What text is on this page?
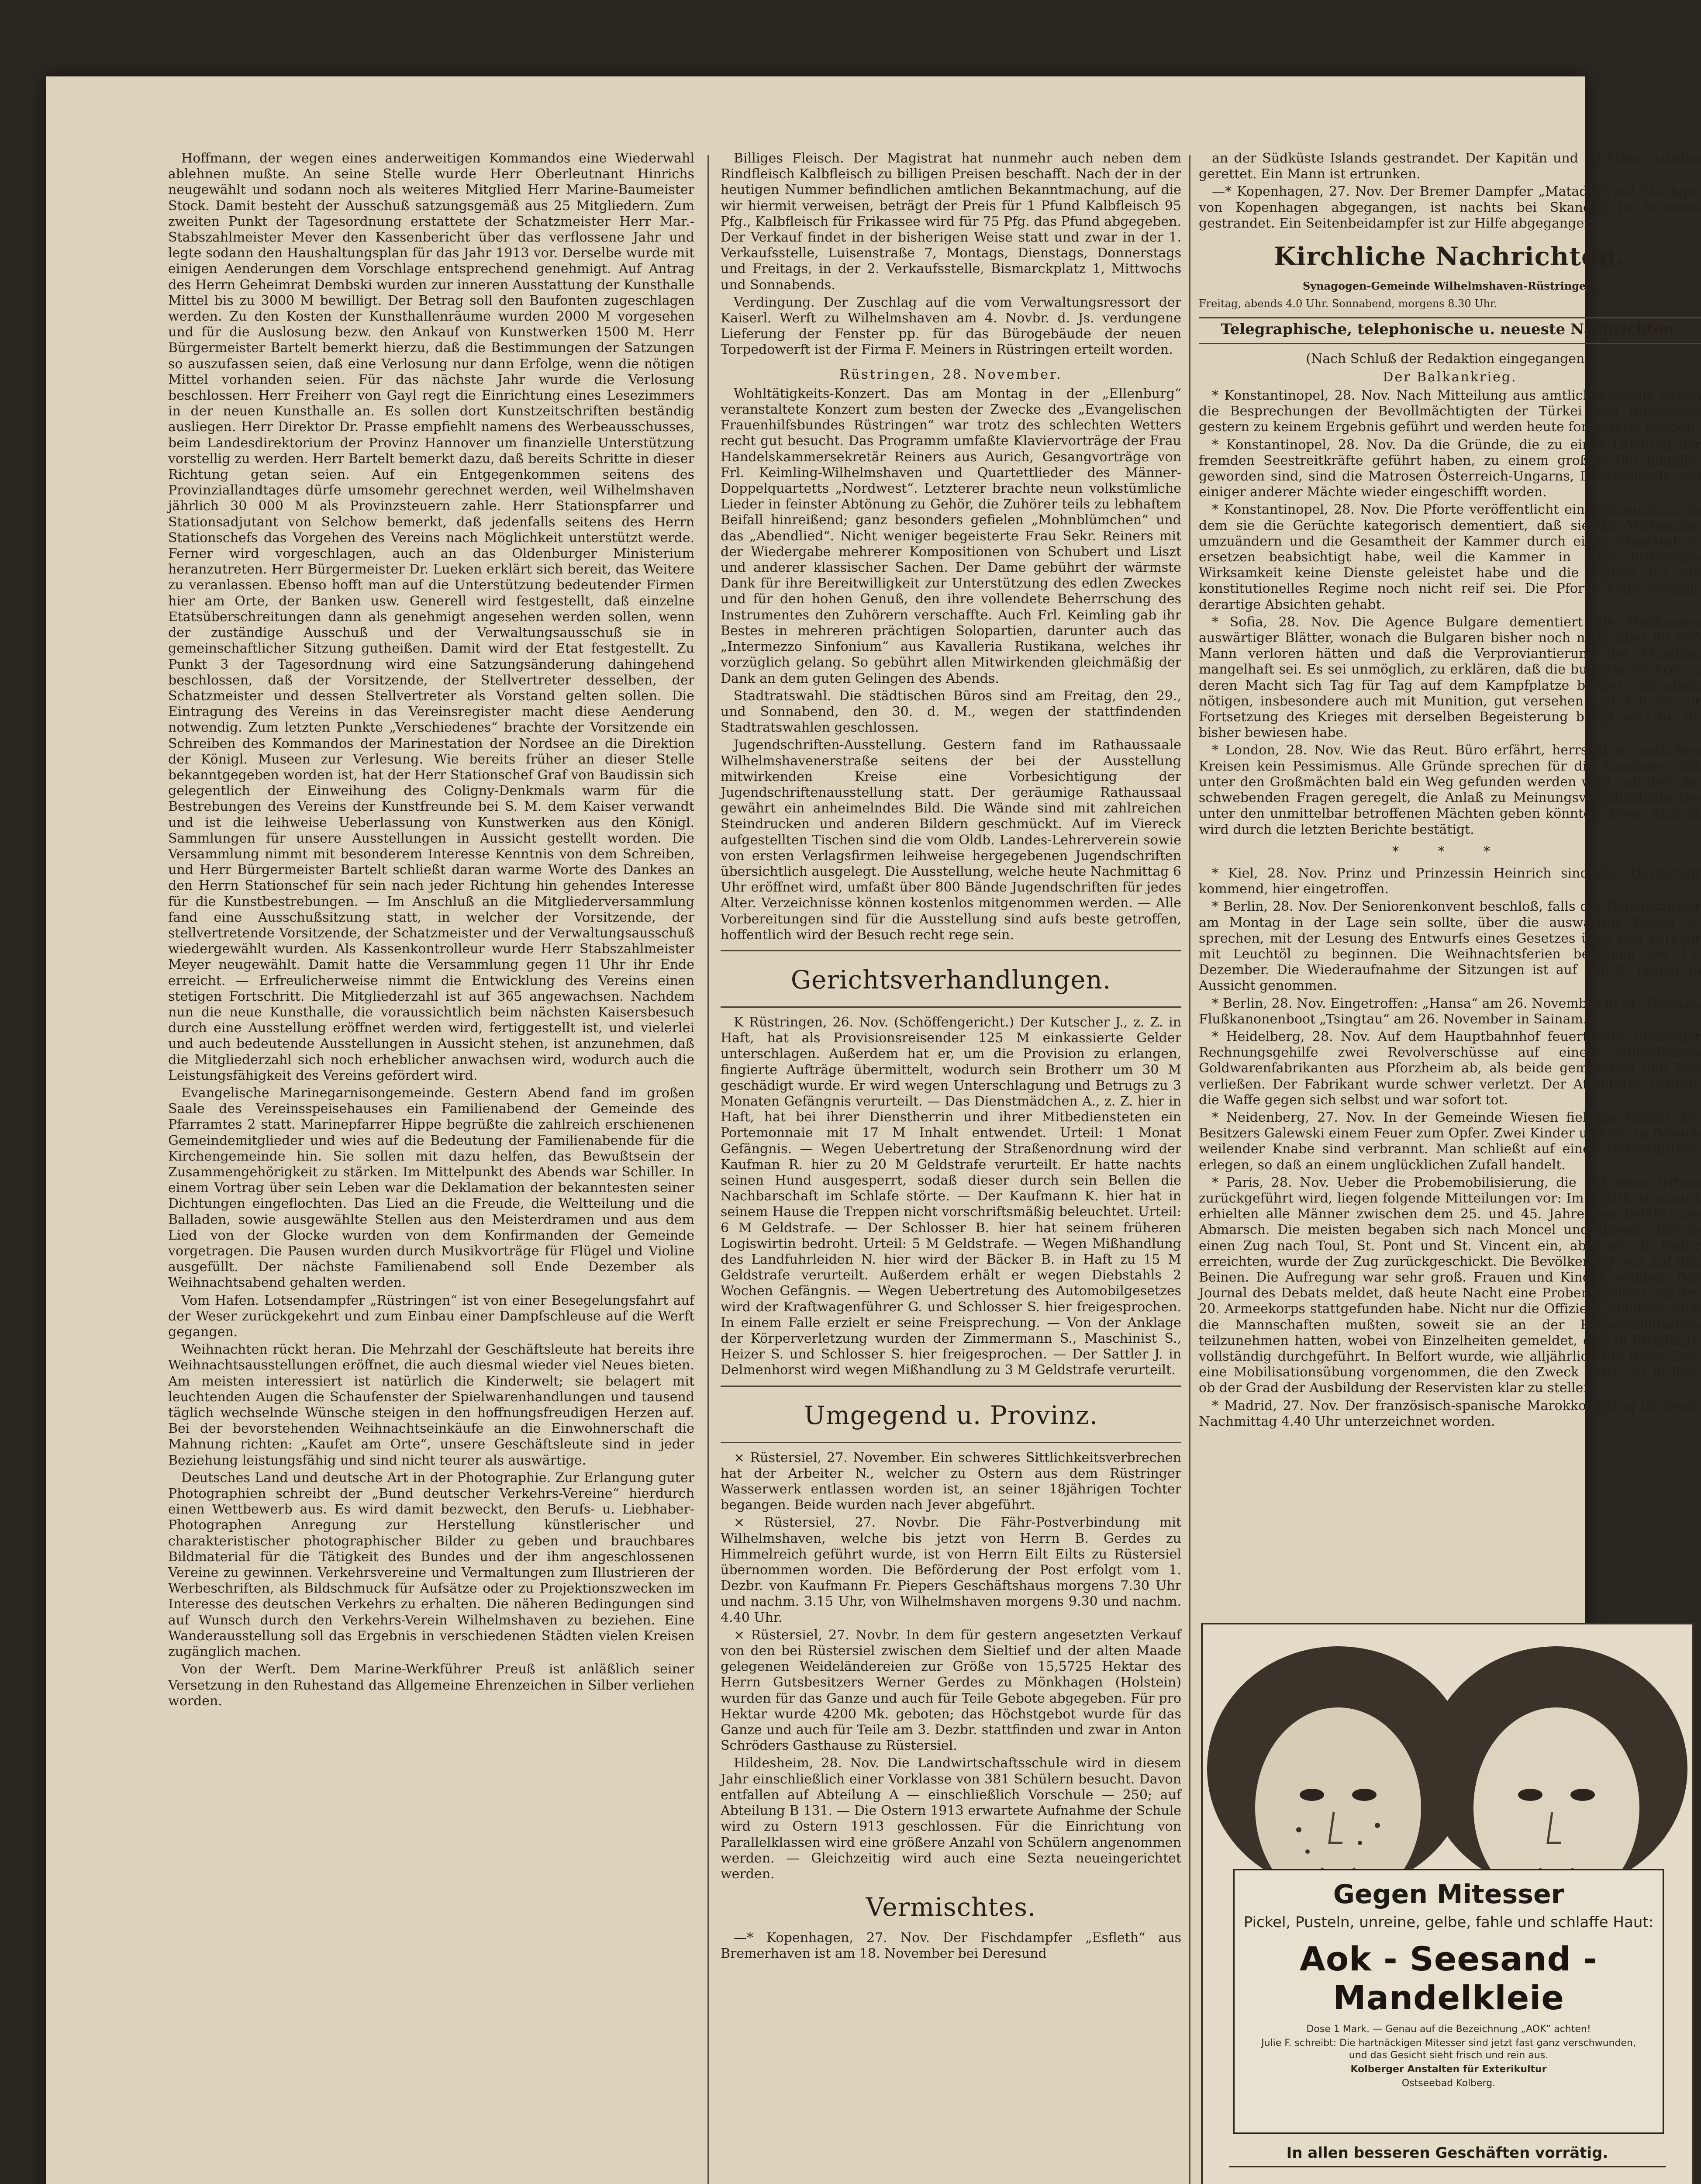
Hoffmann, der wegen eines anderweitigen Kommandos eine Wiederwahl ablehnen mußte. An seine Stelle wurde Herr Oberleutnant Hinrichs neugewählt und sodann noch als weiteres Mitglied Herr Marine-Baumeister Stock. Damit besteht der Ausschuß satzungsgemäß aus 25 Mitgliedern. Zum zweiten Punkt der Tagesordnung erstattete der Schatzmeister Herr Mar.-Stabszahlmeister Mever den Kassenbericht über das verflossene Jahr und legte sodann den Haushaltungsplan für das Jahr 1913 vor. Derselbe wurde mit einigen Aenderungen dem Vorschlage entsprechend genehmigt. Auf Antrag des Herrn Geheimrat Dembski wurden zur inneren Ausstattung der Kunsthalle Mittel bis zu 3000 M bewilligt. Der Betrag soll den Baufonten zugeschlagen werden. Zu den Kosten der Kunsthallenräume wurden 2000 M vorgesehen und für die Auslosung bezw. den Ankauf von Kunstwerken 1500 M. Herr Bürgermeister Bartelt bemerkt hierzu, daß die Bestimmungen der Satzungen so auszufassen seien, daß eine Verlosung nur dann Erfolge, wenn die nötigen Mittel vorhanden seien. Für das nächste Jahr wurde die Verlosung beschlossen. Herr Freiherr von Gayl regt die Einrichtung eines Lesezimmers in der neuen Kunsthalle an. Es sollen dort Kunstzeitschriften beständig ausliegen. Herr Direktor Dr. Prasse empfiehlt namens des Werbeausschusses, beim Landesdirektorium der Provinz Hannover um finanzielle Unterstützung vorstellig zu werden. Herr Bartelt bemerkt dazu, daß bereits Schritte in dieser Richtung getan seien. Auf ein Entgegenkommen seitens des Provinziallandtages dürfe umsomehr gerechnet werden, weil Wilhelmshaven jährlich 30 000 M als Provinzsteuern zahle. Herr Stationspfarrer und Stationsadjutant von Selchow bemerkt, daß jedenfalls seitens des Herrn Stationschefs das Vorgehen des Vereins nach Möglichkeit unterstützt werde. Ferner wird vorgeschlagen, auch an das Oldenburger Ministerium heranzutreten. Herr Bürgermeister Dr. Lueken erklärt sich bereit, das Weitere zu veranlassen. Ebenso hofft man auf die Unterstützung bedeutender Firmen hier am Orte, der Banken usw. Generell wird festgestellt, daß einzelne Etatsüberschreitungen dann als genehmigt angesehen werden sollen, wenn der zuständige Ausschuß und der Verwaltungsausschuß sie in gemeinschaftlicher Sitzung gutheißen. Damit wird der Etat festgestellt. Zu Punkt 3 der Tagesordnung wird eine Satzungsänderung dahingehend beschlossen, daß der Vorsitzende, der Stellvertreter desselben, der Schatzmeister und dessen Stellvertreter als Vorstand gelten sollen. Die Eintragung des Vereins in das Vereinsregister macht diese Aenderung notwendig. Zum letzten Punkte „Verschiedenes“ brachte der Vorsitzende ein Schreiben des Kommandos der Marinestation der Nordsee an die Direktion der Königl. Museen zur Verlesung. Wie bereits früher an dieser Stelle bekanntgegeben worden ist, hat der Herr Stationschef Graf von Baudissin sich gelegentlich der Einweihung des Coligny-Denkmals warm für die Bestrebungen des Vereins der Kunstfreunde bei S. M. dem Kaiser verwandt und ist die leihweise Ueberlassung von Kunstwerken aus den Königl. Sammlungen für unsere Ausstellungen in Aussicht gestellt worden. Die Versammlung nimmt mit besonderem Interesse Kenntnis von dem Schreiben, und Herr Bürgermeister Bartelt schließt daran warme Worte des Dankes an den Herrn Stationschef für sein nach jeder Richtung hin gehendes Interesse für die Kunstbestrebungen. — Im Anschluß an die Mitgliederversammlung fand eine Ausschußsitzung statt, in welcher der Vorsitzende, der stellvertretende Vorsitzende, der Schatzmeister und der Verwaltungsausschuß wiedergewählt wurden. Als Kassenkontrolleur wurde Herr Stabszahlmeister Meyer neugewählt. Damit hatte die Versammlung gegen 11 Uhr ihr Ende erreicht. — Erfreulicherweise nimmt die Entwicklung des Vereins einen stetigen Fortschritt. Die Mitgliederzahl ist auf 365 angewachsen. Nachdem nun die neue Kunsthalle, die voraussichtlich beim nächsten Kaisersbesuch durch eine Ausstellung eröffnet werden wird, fertiggestellt ist, und vielerlei und auch bedeutende Ausstellungen in Aussicht stehen, ist anzunehmen, daß die Mitgliederzahl sich noch erheblicher anwachsen wird, wodurch auch die Leistungsfähigkeit des Vereins gefördert wird.

Evangelische Marinegarnisongemeinde. Gestern Abend fand im großen Saale des Vereinsspeisehauses ein Familienabend der Gemeinde des Pfarramtes 2 statt. Marinepfarrer Hippe begrüßte die zahlreich erschienenen Gemeindemitglieder und wies auf die Bedeutung der Familienabende für die Kirchengemeinde hin. Sie sollen mit dazu helfen, das Bewußtsein der Zusammengehörigkeit zu stärken. Im Mittelpunkt des Abends war Schiller. In einem Vortrag über sein Leben war die Deklamation der bekanntesten seiner Dichtungen eingeflochten. Das Lied an die Freude, die Weltteilung und die Balladen, sowie ausgewählte Stellen aus den Meisterdramen und aus dem Lied von der Glocke wurden von dem Konfirmanden der Gemeinde vorgetragen. Die Pausen wurden durch Musikvorträge für Flügel und Violine ausgefüllt. Der nächste Familienabend soll Ende Dezember als Weihnachtsabend gehalten werden.

Vom Hafen. Lotsendampfer „Rüstringen“ ist von einer Besegelungsfahrt auf der Weser zurückgekehrt und zum Einbau einer Dampfschleuse auf die Werft gegangen.

Weihnachten rückt heran. Die Mehrzahl der Geschäftsleute hat bereits ihre Weihnachtsausstellungen eröffnet, die auch diesmal wieder viel Neues bieten. Am meisten interessiert ist natürlich die Kinderwelt; sie belagert mit leuchtenden Augen die Schaufenster der Spielwarenhandlungen und tausend täglich wechselnde Wünsche steigen in den hoffnungsfreudigen Herzen auf. Bei der bevorstehenden Weihnachtseinkäufe an die Einwohnerschaft die Mahnung richten: „Kaufet am Orte“, unsere Geschäftsleute sind in jeder Beziehung leistungsfähig und sind nicht teurer als auswärtige.

Deutsches Land und deutsche Art in der Photographie. Zur Erlangung guter Photographien schreibt der „Bund deutscher Verkehrs-Vereine“ hierdurch einen Wettbewerb aus. Es wird damit bezweckt, den Berufs- u. Liebhaber-Photographen Anregung zur Herstellung künstlerischer und charakteristischer photographischer Bilder zu geben und brauchbares Bildmaterial für die Tätigkeit des Bundes und der ihm angeschlossenen Vereine zu gewinnen. Verkehrsvereine und Vermaltungen zum Illustrieren der Werbeschriften, als Bildschmuck für Aufsätze oder zu Projektionszwecken im Interesse des deutschen Verkehrs zu erhalten. Die näheren Bedingungen sind auf Wunsch durch den Verkehrs-Verein Wilhelmshaven zu beziehen. Eine Wanderausstellung soll das Ergebnis in verschiedenen Städten vielen Kreisen zugänglich machen.

Von der Werft. Dem Marine-Werkführer Preuß ist anläßlich seiner Versetzung in den Ruhestand das Allgemeine Ehrenzeichen in Silber verliehen worden.

Billiges Fleisch. Der Magistrat hat nunmehr auch neben dem Rindfleisch Kalbfleisch zu billigen Preisen beschafft. Nach der in der heutigen Nummer befindlichen amtlichen Bekanntmachung, auf die wir hiermit verweisen, beträgt der Preis für 1 Pfund Kalbfleisch 95 Pfg., Kalbfleisch für Frikassee wird für 75 Pfg. das Pfund abgegeben. Der Verkauf findet in der bisherigen Weise statt und zwar in der 1. Verkaufsstelle, Luisenstraße 7, Montags, Dienstags, Donnerstags und Freitags, in der 2. Verkaufsstelle, Bismarckplatz 1, Mittwochs und Sonnabends.

Verdingung. Der Zuschlag auf die vom Verwaltungsressort der Kaiserl. Werft zu Wilhelmshaven am 4. Novbr. d. Js. verdungene Lieferung der Fenster pp. für das Bürogebäude der neuen Torpedowerft ist der Firma F. Meiners in Rüstringen erteilt worden.

Rüstringen, 28. November.

Wohltätigkeits-Konzert. Das am Montag in der „Ellenburg“ veranstaltete Konzert zum besten der Zwecke des „Evangelischen Frauenhilfsbundes Rüstringen“ war trotz des schlechten Wetters recht gut besucht. Das Programm umfaßte Klaviervorträge der Frau Handelskammersekretär Reiners aus Aurich, Gesangvorträge von Frl. Keimling-Wilhelmshaven und Quartettlieder des Männer-Doppelquartetts „Nordwest“. Letzterer brachte neun volkstümliche Lieder in feinster Abtönung zu Gehör, die Zuhörer teils zu lebhaftem Beifall hinreißend; ganz besonders gefielen „Mohnblümchen“ und das „Abendlied“. Nicht weniger begeisterte Frau Sekr. Reiners mit der Wiedergabe mehrerer Kompositionen von Schubert und Liszt und anderer klassischer Sachen. Der Dame gebührt der wärmste Dank für ihre Bereitwilligkeit zur Unterstützung des edlen Zweckes und für den hohen Genuß, den ihre vollendete Beherrschung des Instrumentes den Zuhörern verschaffte. Auch Frl. Keimling gab ihr Bestes in mehreren prächtigen Solopartien, darunter auch das „Intermezzo Sinfonium“ aus Kavalleria Rustikana, welches ihr vorzüglich gelang. So gebührt allen Mitwirkenden gleichmäßig der Dank an dem guten Gelingen des Abends.

Stadtratswahl. Die städtischen Büros sind am Freitag, den 29., und Sonnabend, den 30. d. M., wegen der stattfindenden Stadtratswahlen geschlossen.

Jugendschriften-Ausstellung. Gestern fand im Rathaussaale Wilhelmshavenerstraße seitens der bei der Ausstellung mitwirkenden Kreise eine Vorbesichtigung der Jugendschriftenausstellung statt. Der geräumige Rathaussaal gewährt ein anheimelndes Bild. Die Wände sind mit zahlreichen Steindrucken und anderen Bildern geschmückt. Auf im Viereck aufgestellten Tischen sind die vom Oldb. Landes-Lehrerverein sowie von ersten Verlagsfirmen leihweise hergegebenen Jugendschriften übersichtlich ausgelegt. Die Ausstellung, welche heute Nachmittag 6 Uhr eröffnet wird, umfaßt über 800 Bände Jugendschriften für jedes Alter. Verzeichnisse können kostenlos mitgenommen werden. — Alle Vorbereitungen sind für die Ausstellung sind aufs beste getroffen, hoffentlich wird der Besuch recht rege sein.

Gerichtsverhandlungen.

K Rüstringen, 26. Nov. (Schöffengericht.) Der Kutscher J., z. Z. in Haft, hat als Provisionsreisender 125 M einkassierte Gelder unterschlagen. Außerdem hat er, um die Provision zu erlangen, fingierte Aufträge übermittelt, wodurch sein Brotherr um 30 M geschädigt wurde. Er wird wegen Unterschlagung und Betrugs zu 3 Monaten Gefängnis verurteilt. — Das Dienstmädchen A., z. Z. hier in Haft, hat bei ihrer Dienstherrin und ihrer Mitbediensteten ein Portemonnaie mit 17 M Inhalt entwendet. Urteil: 1 Monat Gefängnis. — Wegen Uebertretung der Straßenordnung wird der Kaufman R. hier zu 20 M Geldstrafe verurteilt. Er hatte nachts seinen Hund ausgesperrt, sodaß dieser durch sein Bellen die Nachbarschaft im Schlafe störte. — Der Kaufmann K. hier hat in seinem Hause die Treppen nicht vorschriftsmäßig beleuchtet. Urteil: 6 M Geldstrafe. — Der Schlosser B. hier hat seinem früheren Logiswirtin bedroht. Urteil: 5 M Geldstrafe. — Wegen Mißhandlung des Landfuhrleiden N. hier wird der Bäcker B. in Haft zu 15 M Geldstrafe verurteilt. Außerdem erhält er wegen Diebstahls 2 Wochen Gefängnis. — Wegen Uebertretung des Automobilgesetzes wird der Kraftwagenführer G. und Schlosser S. hier freigesprochen. In einem Falle erzielt er seine Freisprechung. — Von der Anklage der Körperverletzung wurden der Zimmermann S., Maschinist S., Heizer S. und Schlosser S. hier freigesprochen. — Der Sattler J. in Delmenhorst wird wegen Mißhandlung zu 3 M Geldstrafe verurteilt.

Umgegend u. Provinz.

× Rüstersiel, 27. November. Ein schweres Sittlichkeitsverbrechen hat der Arbeiter N., welcher zu Ostern aus dem Rüstringer Wasserwerk entlassen worden ist, an seiner 18jährigen Tochter begangen. Beide wurden nach Jever abgeführt.

× Rüstersiel, 27. Novbr. Die Fähr-Postverbindung mit Wilhelmshaven, welche bis jetzt von Herrn B. Gerdes zu Himmelreich geführt wurde, ist von Herrn Eilt Eilts zu Rüstersiel übernommen worden. Die Beförderung der Post erfolgt vom 1. Dezbr. von Kaufmann Fr. Piepers Geschäftshaus morgens 7.30 Uhr und nachm. 3.15 Uhr, von Wilhelmshaven morgens 9.30 und nachm. 4.40 Uhr.

× Rüstersiel, 27. Novbr. In dem für gestern angesetzten Verkauf von den bei Rüstersiel zwischen dem Sieltief und der alten Maade gelegenen Weideländereien zur Größe von 15,5725 Hektar des Herrn Gutsbesitzers Werner Gerdes zu Mönkhagen (Holstein) wurden für das Ganze und auch für Teile Gebote abgegeben. Für pro Hektar wurde 4200 Mk. geboten; das Höchstgebot wurde für das Ganze und auch für Teile am 3. Dezbr. stattfinden und zwar in Anton Schröders Gasthause zu Rüstersiel.

Hildesheim, 28. Nov. Die Landwirtschaftsschule wird in diesem Jahr einschließlich einer Vorklasse von 381 Schülern besucht. Davon entfallen auf Abteilung A — einschließlich Vorschule — 250; auf Abteilung B 131. — Die Ostern 1913 erwartete Aufnahme der Schule wird zu Ostern 1913 geschlossen. Für die Einrichtung von Parallelklassen wird eine größere Anzahl von Schülern angenommen werden. — Gleichzeitig wird auch eine Sezta neueingerichtet werden.

Vermischtes.

—* Kopenhagen, 27. Nov. Der Fischdampfer „Esfleth“ aus Bremerhaven ist am 18. November bei Deresund

an der Südküste Islands gestrandet. Der Kapitän und 10 Mann wurden gerettet. Ein Mann ist ertrunken.

—* Kopenhagen, 27. Nov. Der Bremer Dampfer „Matador“ mit Stückgut von Kopenhagen abgegangen, ist nachts bei Skanoer in Schonen gestrandet. Ein Seitenbeidampfer ist zur Hilfe abgegangen.

Kirchliche Nachrichten.
Synagogen-Gemeinde Wilhelmshaven-Rüstringen.
Freitag, abends 4.0 Uhr. Sonnabend, morgens 8.30 Uhr.
Telegraphische, telephonische u. neueste Nachrichten.
(Nach Schluß der Redaktion eingegangen.)
Der Balkankrieg.

* Konstantinopel, 28. Nov. Nach Mitteilung aus amtlicher Quelle haben die Besprechungen der Bevollmächtigten der Türkei und Bulgariens gestern zu keinem Ergebnis geführt und werden heute fortgesetzt werden.

* Konstantinopel, 28. Nov. Da die Gründe, die zu einer Landung der fremden Seestreitkräfte geführt haben, zu einem großen Teil hinfällig geworden sind, sind die Matrosen Österreich-Ungarns, Deutschlands und einiger anderer Mächte wieder eingeschifft worden.

* Konstantinopel, 28. Nov. Die Pforte veröffentlicht ein Communiqué, in dem sie die Gerüchte kategorisch dementiert, daß sie die Verfassung umzuändern und die Gesamtheit der Kammer durch einen Staatsrat zu ersetzen beabsichtigt habe, weil die Kammer in ihrer bisherigen Wirksamkeit keine Dienste geleistet habe und die Nation für ein konstitutionelles Regime noch nicht reif sei. Die Pforte hätte niemals derartige Absichten gehabt.

* Sofia, 28. Nov. Die Agence Bulgare dementiert die Meldungen auswärtiger Blätter, wonach die Bulgaren bisher noch nicht über 90 000 Mann verloren hätten und daß die Verproviantierung der Munition mangelhaft sei. Es sei unmöglich, zu erklären, daß die bulgarische Armee, deren Macht sich Tag für Tag auf dem Kampfplatze bewies, mit allem nötigen, insbesondere auch mit Munition, gut versehen und daß sie zur Fortsetzung des Krieges mit derselben Begeisterung bereit sei, die sie bisher bewiesen habe.

* London, 28. Nov. Wie das Reut. Büro erfährt, herrscht in amtlichen Kreisen kein Pessimismus. Alle Gründe sprechen für die Annahme, daß unter den Großmächten bald ein Weg gefunden werden wird, auf dem die schwebenden Fragen geregelt, die Anlaß zu Meinungsverschiedenheiten unter den unmittelbar betroffenen Mächten geben könnten. Diese Ansicht wird durch die letzten Berichte bestätigt.

* * *

* Kiel, 28. Nov. Prinz und Prinzessin Heinrich sind aus Darmstadt kommend, hier eingetroffen.

* Berlin, 28. Nov. Der Seniorenkonvent beschloß, falls der Reichskanzler am Montag in der Lage sein sollte, über die auswärtige Politik zu sprechen, mit der Lesung des Entwurfs eines Gesetzes über den Verkehr mit Leuchtöl zu beginnen. Die Weihnachtsferien beginnen am 13. Dezember. Die Wiederaufnahme der Sitzungen ist auf den 8. Januar in Aussicht genommen.

* Berlin, 28. Nov. Eingetroffen: „Hansa“ am 26. November in St. Thomas, Flußkanonenboot „Tsingtau“ am 26. November in Sainam.

* Heidelberg, 28. Nov. Auf dem Hauptbahnhof feuerte ein 19jähriger Rechnungsgehilfe zwei Revolverschüsse auf einen jugendlichen Goldwarenfabrikanten aus Pforzheim ab, als beide gemeinsam den Zug verließen. Der Fabrikant wurde schwer verletzt. Der Attentäter richtete die Waffe gegen sich selbst und war sofort tot.

* Neidenberg, 27. Nov. In der Gemeinde Wiesen fiel das Gehöft des Besitzers Galewski einem Feuer zum Opfer. Zwei Kinder und ein zu Besuch weilender Knabe sind verbrannt. Man schließt auf einen Gasvergiftung erlegen, so daß an einem unglücklichen Zufall handelt.

* Paris, 28. Nov. Ueber die Probemobilisierung, die auf einen Irrtum zurückgeführt wird, liegen folgende Mitteilungen vor: Im Bezirk Arracourt erhielten alle Männer zwischen dem 25. und 45. Jahre den Befehl zum Abmarsch. Die meisten begaben sich nach Moncel und stiegen dort in einen Zug nach Toul, St. Pont und St. Vincent ein, aber als sie Pagny erreichten, wurde der Zug zurückgeschickt. Die Bevölkerung war auf den Beinen. Die Aufregung war sehr groß. Frauen und Kinder weinten. Das Journal des Debats meldet, daß heute Nacht eine Probemobilisierung des 20. Armeekorps stattgefunden habe. Nicht nur die Offiziere, sondern auch die Mannschaften mußten, soweit sie an der Probemobilisation teilzunehmen hatten, wobei von Einzelheiten gemeldet, daß in Straßburg vollständig durchgeführt. In Belfort wurde, wie alljährlich um diese Zeit, eine Mobilisationsübung vorgenommen, die den Zweck hatte, zu prüfen, ob der Grad der Ausbildung der Reservisten klar zu stellen.

* Madrid, 27. Nov. Der französisch-spanische Marokkovertrag ist heute Nachmittag 4.40 Uhr unterzeichnet worden.

Gegen Mitesser
Pickel, Pusteln, unreine, gelbe, fahle und schlaffe Haut:
Aok - Seesand - Mandelkleie
Dose 1 Mark. — Genau auf die Bezeichnung „AOK“ achten!
Julie F. schreibt: Die hartnäckigen Mitesser sind jetzt fast ganz verschwunden, und das Gesicht sieht frisch und rein aus.
Kolberger Anstalten für Exterikultur
Ostseebad Kolberg.
In allen besseren Geschäften vorrätig.
